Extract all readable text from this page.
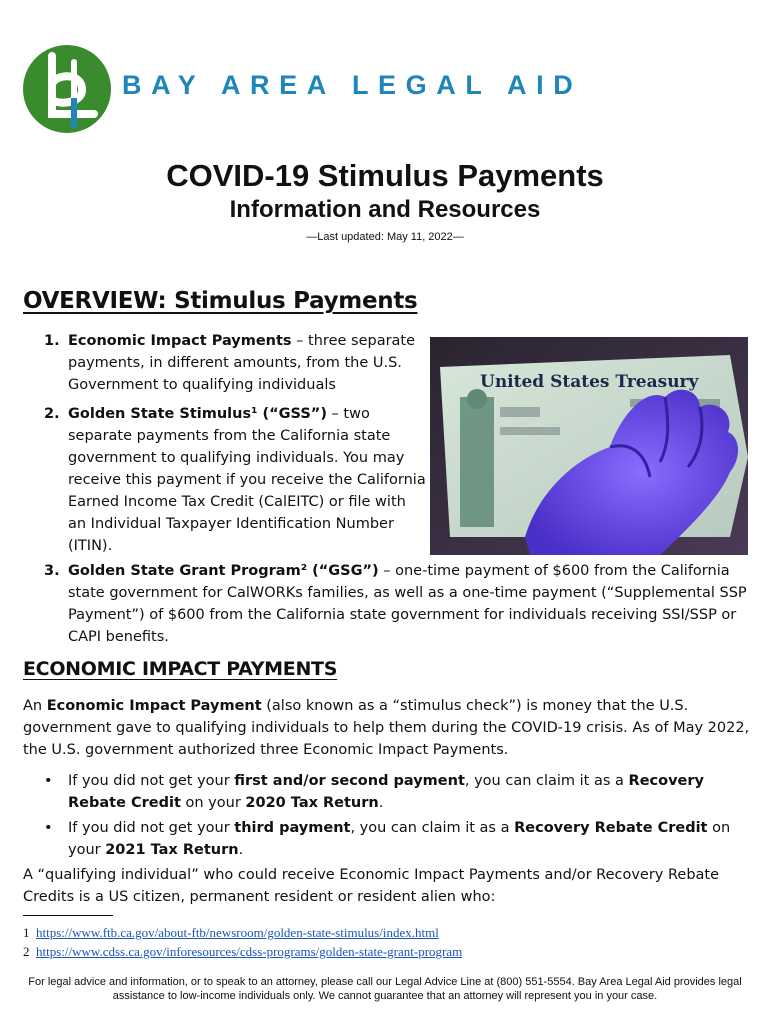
BAY AREA LEGAL AID
COVID-19 Stimulus Payments
Information and Resources
—Last updated: May 11, 2022—
OVERVIEW: Stimulus Payments
1. Economic Impact Payments – three separate payments, in different amounts, from the U.S. Government to qualifying individuals
2. Golden State Stimulus¹ (“GSS”) – two separate payments from the California state government to qualifying individuals. You may receive this payment if you receive the California Earned Income Tax Credit (CalEITC) or file with an Individual Taxpayer Identification Number (ITIN).
United States Treasury
3. Golden State Grant Program² (“GSG”) – one-time payment of $600 from the California state government for CalWORKs families, as well as a one-time payment (“Supplemental SSP Payment”) of $600 from the California state government for individuals receiving SSI/SSP or CAPI benefits.
ECONOMIC IMPACT PAYMENTS
An Economic Impact Payment (also known as a “stimulus check”) is money that the U.S. government gave to qualifying individuals to help them during the COVID-19 crisis. As of May 2022, the U.S. government authorized three Economic Impact Payments.
• If you did not get your first and/or second payment, you can claim it as a Recovery Rebate Credit on your 2020 Tax Return.
• If you did not get your third payment, you can claim it as a Recovery Rebate Credit on your 2021 Tax Return.
A “qualifying individual” who could receive Economic Impact Payments and/or Recovery Rebate Credits is a US citizen, permanent resident or resident alien who:
1 https://www.ftb.ca.gov/about-ftb/newsroom/golden-state-stimulus/index.html
2 https://www.cdss.ca.gov/inforesources/cdss-programs/golden-state-grant-program
For legal advice and information, or to speak to an attorney, please call our Legal Advice Line at (800) 551-5554. Bay Area Legal Aid provides legal assistance to low-income individuals only. We cannot guarantee that an attorney will represent you in your case.
